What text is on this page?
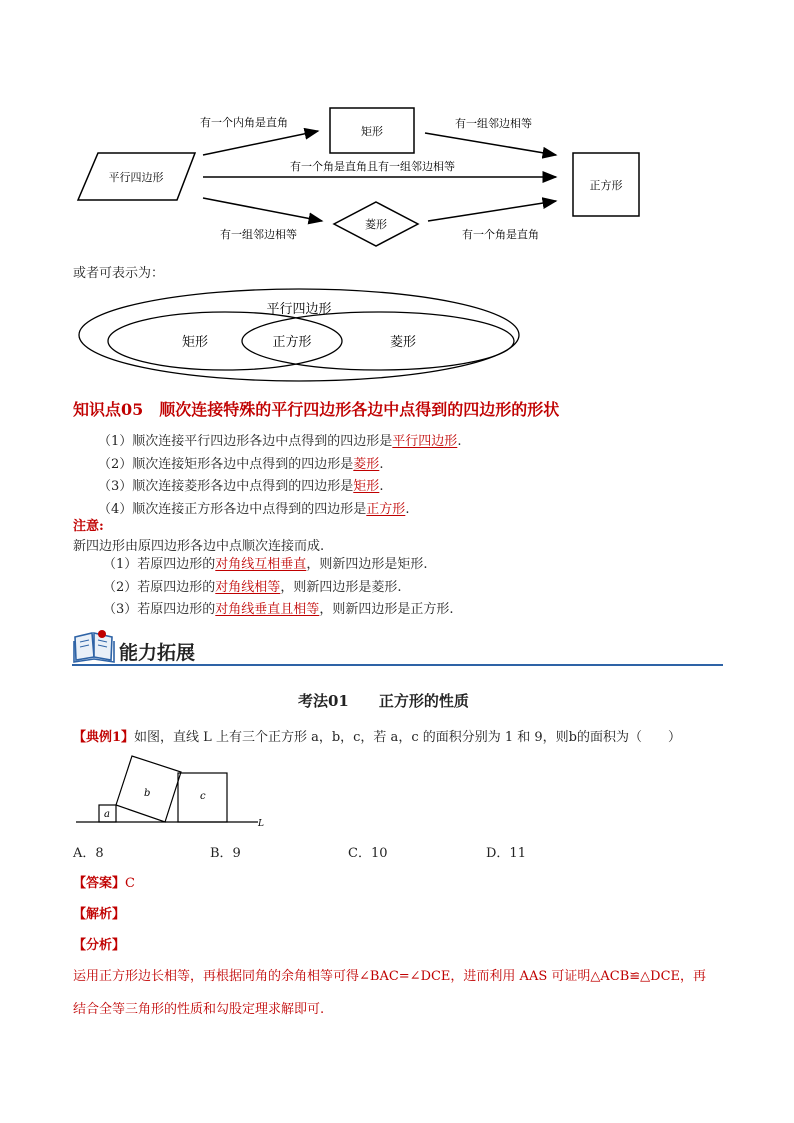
平行四边形
矩形
菱形
正方形
有一个内角是直角	有一组邻边相等
有一个角是直角且有一组邻边相等
有一组邻边相等	有一个角是直角
或者可表示为：
平行四边形
矩形	正方形	菱形
知识点05　顺次连接特殊的平行四边形各边中点得到的四边形的形状
（1）顺次连接平行四边形各边中点得到的四边形是平行四边形.
（2）顺次连接矩形各边中点得到的四边形是菱形.
（3）顺次连接菱形各边中点得到的四边形是矩形.
（4）顺次连接正方形各边中点得到的四边形是正方形.
注意:
新四边形由原四边形各边中点顺次连接而成.
（1）若原四边形的对角线互相垂直，则新四边形是矩形.
（2）若原四边形的对角线相等，则新四边形是菱形.
（3）若原四边形的对角线垂直且相等，则新四边形是正方形.
能力拓展
考法01　　正方形的性质
【典例1】如图，直线 L 上有三个正方形 a，b，c，若 a，c 的面积分别为 1 和 9，则b的面积为（　　）
L
a
b	c
A．8	B．9	C．10	D．11
【答案】C
【解析】
【分析】
运用正方形边长相等，再根据同角的余角相等可得∠BAC=∠DCE，进而利用 AAS 可证明△ACB≌△DCE，再
结合全等三角形的性质和勾股定理求解即可.
